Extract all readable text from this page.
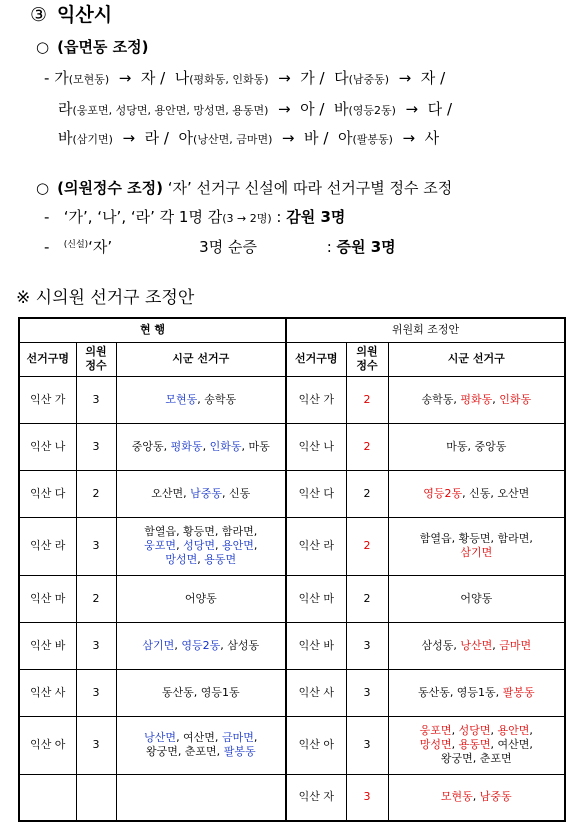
③ 익산시
○ (읍면동 조정)
- 가(모현동) → 자 / 나(평화동, 인화동) → 가 / 다(남중동) → 자 /
라(웅포면, 성당면, 용안면, 망성면, 용동면) → 아 / 바(영등2동) → 다 /
바(삼기면) → 라 / 아(낭산면, 금마면) → 바 / 아(팔봉동) → 사
○ (의원정수 조정) ‘자’ 선거구 신설에 따라 선거구별 정수 조정
- ‘가’, ‘나’, ‘라’ 각 1명 감(3 → 2명) : 감원 3명
- $^{(신설)}$‘자’	3명 순증	: 증원 3명
※ 시의원 선거구 조정안
현 행			위원회 조정안		
선거구명	의원
정수	시군 선거구	선거구명	의원
정수	시군 선거구
익산 가	3	모현동, 송학동	익산 가	2	송학동, 평화동, 인화동
익산 나	3	중앙동, 평화동, 인화동, 마동	익산 나	2	마동, 중앙동
익산 다	2	오산면, 남중동, 신동	익산 다	2	영등2동, 신동, 오산면
익산 라	3	함열읍, 황등면, 함라면,
웅포면, 성당면, 용안면,
망성면, 용동면	익산 라	2	함열읍, 황등면, 함라면,
삼기면
익산 마	2	어양동	익산 마	2	어양동
익산 바	3	삼기면, 영등2동, 삼성동	익산 바	3	삼성동, 낭산면, 금마면
익산 사	3	동산동, 영등1동	익산 사	3	동산동, 영등1동, 팔봉동
익산 아	3	낭산면, 여산면, 금마면,
왕궁면, 춘포면, 팔봉동	익산 아	3	웅포면, 성당면, 용안면,
망성면, 용동면, 여산면,
왕궁면, 춘포면
			익산 자	3	모현동, 남중동
